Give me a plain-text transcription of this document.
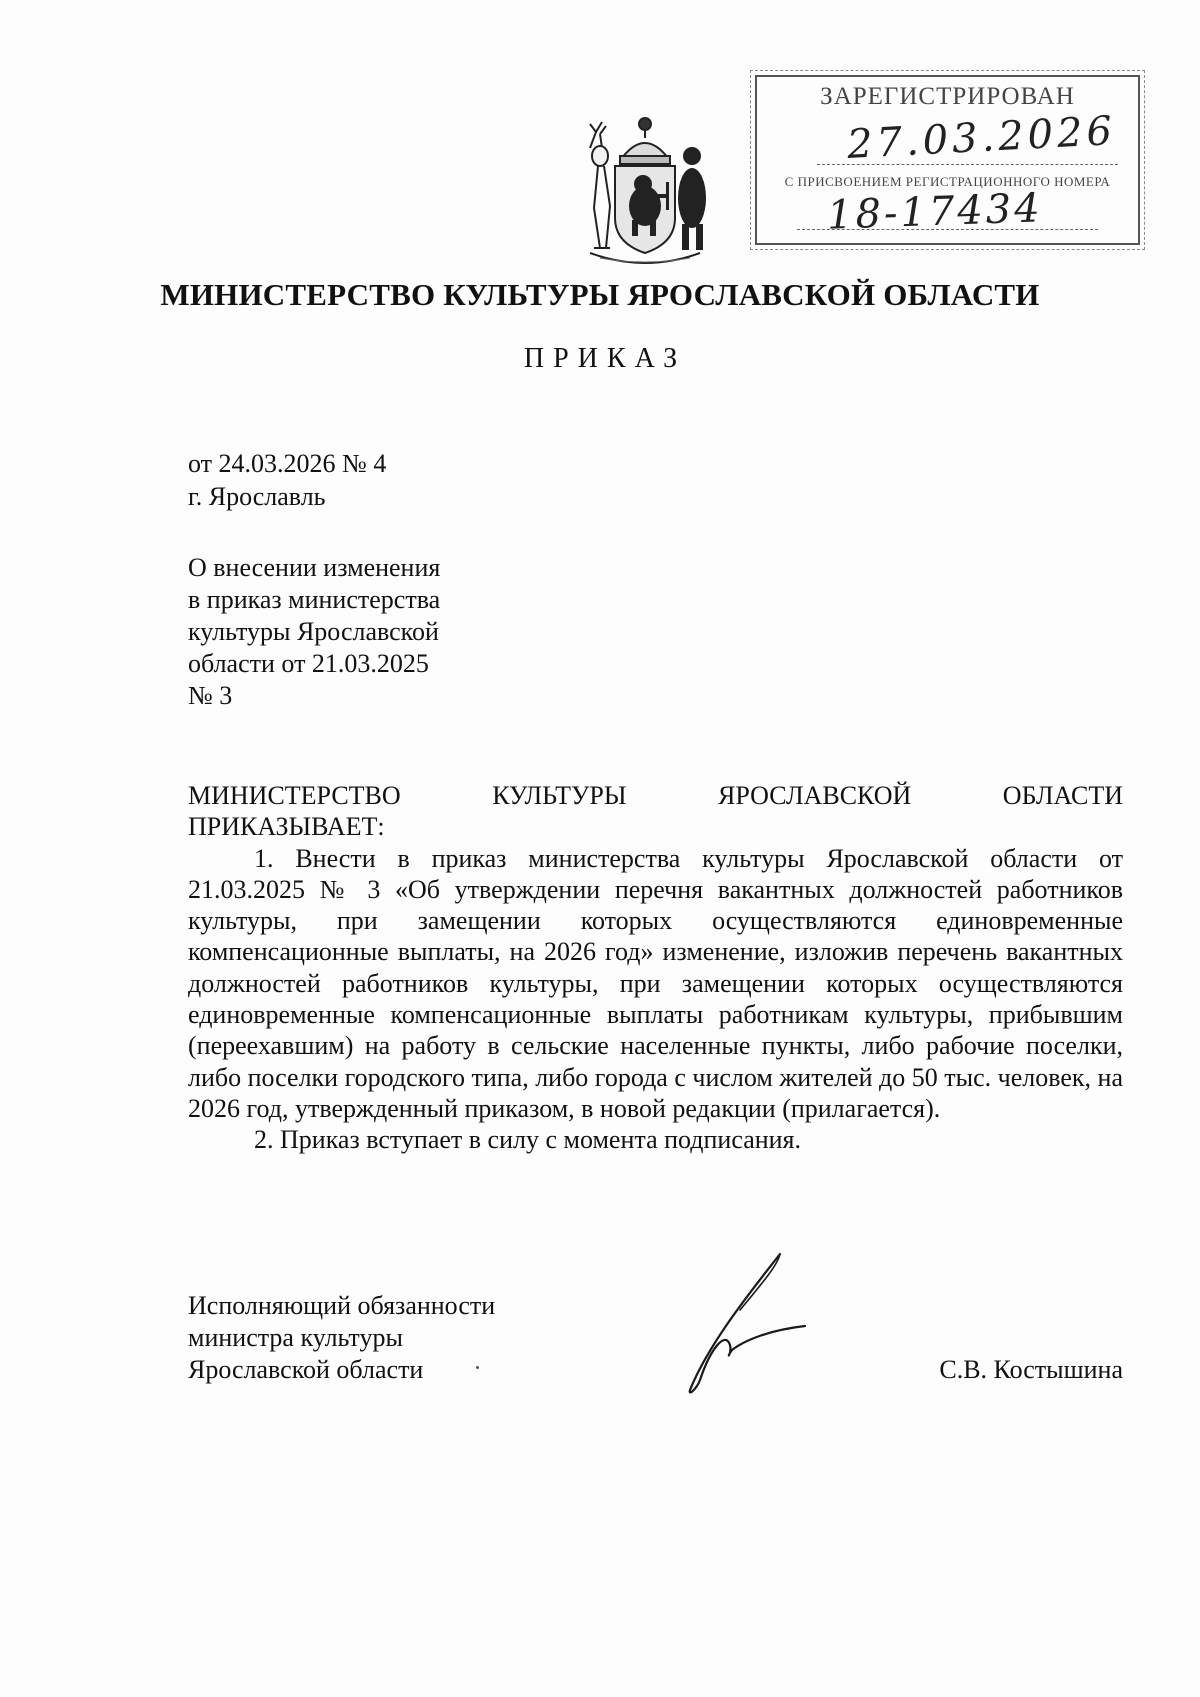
ЗАРЕГИСТРИРОВАН
27.03.2026
С ПРИСВОЕНИЕМ РЕГИСТРАЦИОННОГО НОМЕРА
18-17434
МИНИСТЕРСТВО КУЛЬТУРЫ ЯРОСЛАВСКОЙ ОБЛАСТИ
ПРИКАЗ
от 24.03.2026 № 4
г. Ярославль
О внесении изменения
в приказ министерства
культуры Ярославской
области от 21.03.2025
№ 3
МИНИСТЕРСТВО КУЛЬТУРЫ ЯРОСЛАВСКОЙ ОБЛАСТИ
ПРИКАЗЫВАЕТ:
1. Внести в приказ министерства культуры Ярославской области от 21.03.2025 № 3 «Об утверждении перечня вакантных должностей работников культуры, при замещении которых осуществляются единовременные компенсационные выплаты, на 2026 год» изменение, изложив перечень вакантных должностей работников культуры, при замещении которых осуществляются единовременные компенсационные выплаты работникам культуры, прибывшим (переехавшим) на работу в сельские населенные пункты, либо рабочие поселки, либо поселки городского типа, либо города с числом жителей до 50 тыс. человек, на 2026 год, утвержденный приказом, в новой редакции (прилагается).
2. Приказ вступает в силу с момента подписания.
Исполняющий обязанности
министра культуры
Ярославской области	С.В. Костышина
